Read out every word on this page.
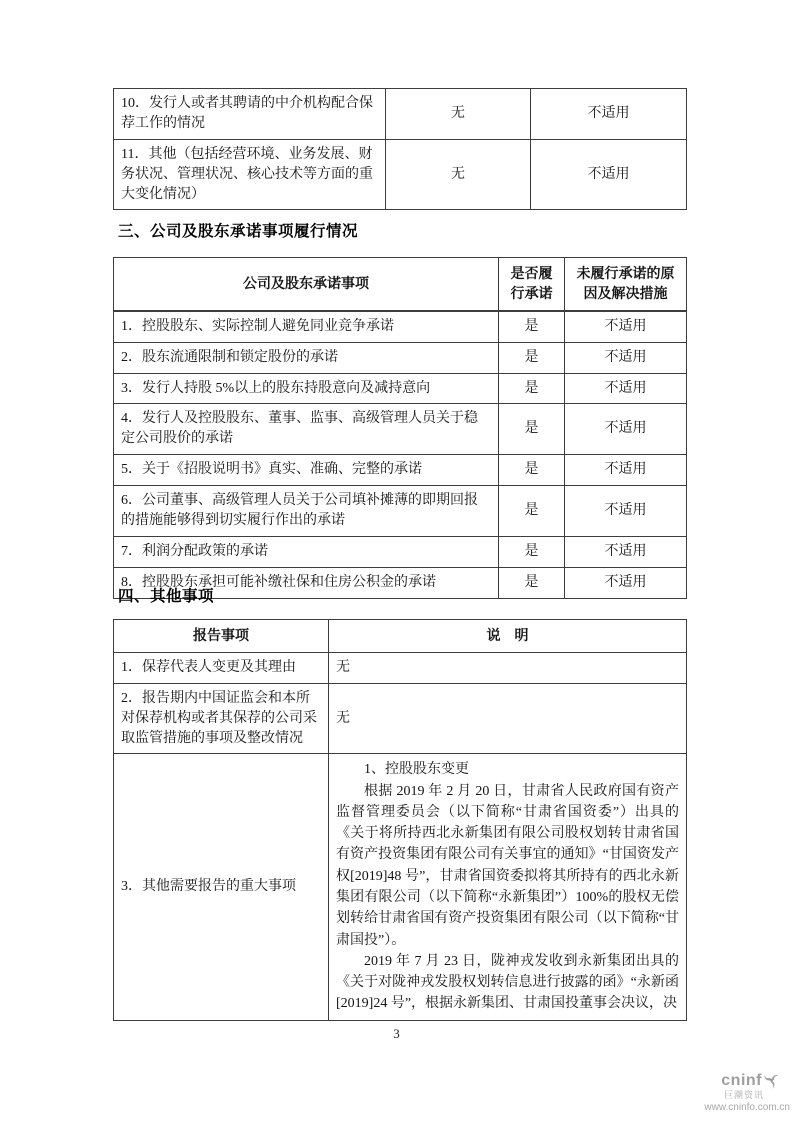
10．发行人或者其聘请的中介机构配合保荐工作的情况	无	不适用
11．其他（包括经营环境、业务发展、财务状况、管理状况、核心技术等方面的重大变化情况）	无	不适用
三、公司及股东承诺事项履行情况
公司及股东承诺事项	是否履行承诺	未履行承诺的原因及解决措施
1．控股股东、实际控制人避免同业竞争承诺	是	不适用
2．股东流通限制和锁定股份的承诺	是	不适用
3．发行人持股 5%以上的股东持股意向及减持意向	是	不适用
4．发行人及控股股东、董事、监事、高级管理人员关于稳定公司股价的承诺	是	不适用
5．关于《招股说明书》真实、准确、完整的承诺	是	不适用
6．公司董事、高级管理人员关于公司填补摊薄的即期回报的措施能够得到切实履行作出的承诺	是	不适用
7．利润分配政策的承诺	是	不适用
8．控股股东承担可能补缴社保和住房公积金的承诺	是	不适用
四、其他事项
报告事项	说　明
1．保荐代表人变更及其理由	无
2．报告期内中国证监会和本所对保荐机构或者其保荐的公司采取监管措施的事项及整改情况	无
3．其他需要报告的重大事项	1、控股股东变更

根据 2019 年 2 月 20 日，甘肃省人民政府国有资产监督管理委员会（以下简称“甘肃省国资委”）出具的《关于将所持西北永新集团有限公司股权划转甘肃省国有资产投资集团有限公司有关事宜的通知》“甘国资发产权[2019]48 号”，甘肃省国资委拟将其所持有的西北永新集团有限公司（以下简称“永新集团”）100%的股权无偿划转给甘肃省国有资产投资集团有限公司（以下简称“甘肃国投”）。

2019 年 7 月 23 日，陇神戎发收到永新集团出具的《关于对陇神戎发股权划转信息进行披露的函》“永新函[2019]24 号”，根据永新集团、甘肃国投董事会决议，决

3
cninf
巨潮资讯
www.cninfo.com.cn
